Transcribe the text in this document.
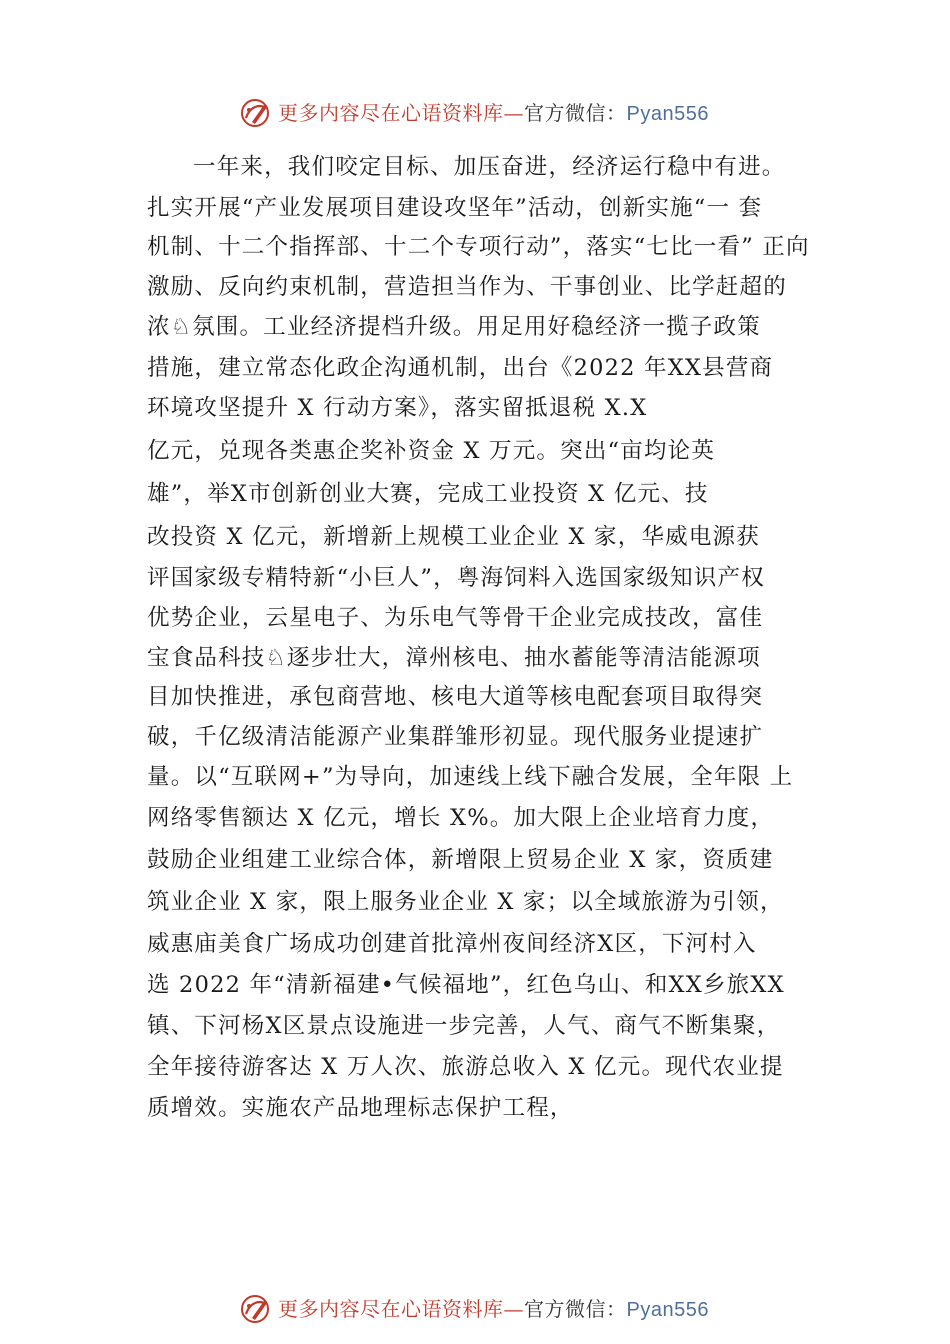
更多内容尽在心语资料库—官方微信：Pyan556
一年来，我们咬定目标、加压奋进，经济运行稳中有进。
扎实开展“产业发展项目建设攻坚年”活动，创新实施“一 套
机制、十二个指挥部、十二个专项行动”，落实“七比一看” 正向
激励、反向约束机制，营造担当作为、干事创业、比学赶超的
浓♘氛围。工业经济提档升级。用足用好稳经济一揽子政策
措施，建立常态化政企沟通机制，出台《2022 年XX县营商
环境攻坚提升 X 行动方案》，落实留抵退税 X.X
亿元，兑现各类惠企奖补资金 X 万元。突出“亩均论英
雄”，举X市创新创业大赛，完成工业投资 X 亿元、技
改投资 X 亿元，新增新上规模工业企业 X 家，华威电源获
评国家级专精特新“小巨人”，粤海饲料入选国家级知识产权
优势企业，云星电子、为乐电气等骨干企业完成技改，富佳
宝食品科技♘逐步壮大，漳州核电、抽水蓄能等清洁能源项
目加快推进，承包商营地、核电大道等核电配套项目取得突
破，千亿级清洁能源产业集群雏形初显。现代服务业提速扩
量。以“互联网+”为导向，加速线上线下融合发展，全年限 上
网络零售额达 X 亿元，增长 X%。加大限上企业培育力度，
鼓励企业组建工业综合体，新增限上贸易企业 X 家，资质建
筑业企业 X 家，限上服务业企业 X 家；以全域旅游为引领，
威惠庙美食广场成功创建首批漳州夜间经济X区，下河村入
选 2022 年“清新福建•气候福地”，红色乌山、和XX乡旅XX
镇、下河杨X区景点设施进一步完善，人气、商气不断集聚，
全年接待游客达 X 万人次、旅游总收入 X 亿元。现代农业提
质增效。实施农产品地理标志保护工程，
更多内容尽在心语资料库—官方微信：Pyan556
